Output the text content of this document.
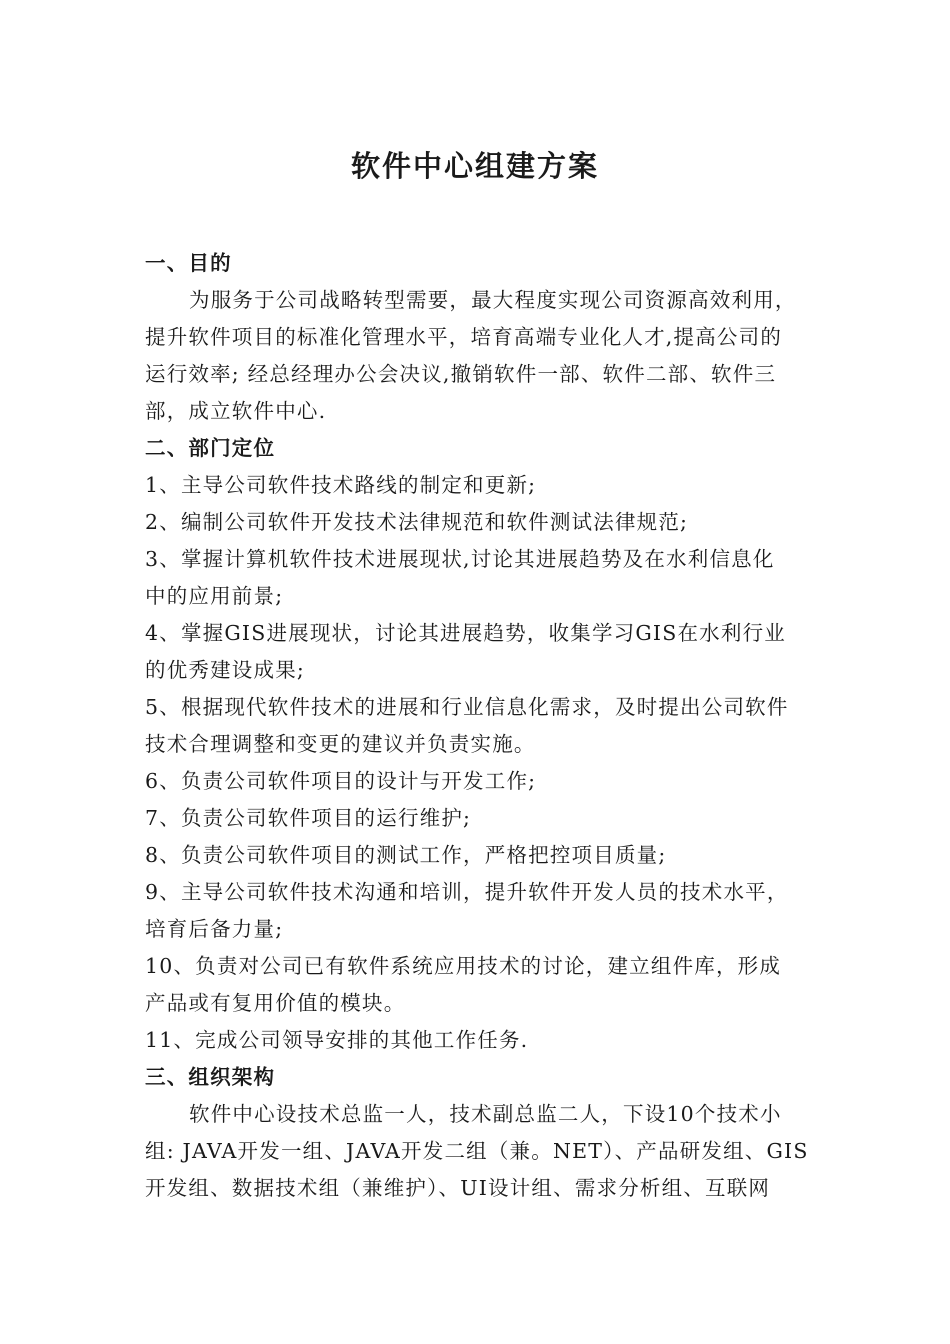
软件中心组建方案
一、目的
为服务于公司战略转型需要，最大程度实现公司资源高效利用，
提升软件项目的标准化管理水平，培育高端专业化人才,提高公司的
运行效率; 经总经理办公会决议,撤销软件一部、软件二部、软件三
部，成立软件中心.
二、部门定位
1、主导公司软件技术路线的制定和更新;
2、编制公司软件开发技术法律规范和软件测试法律规范;
3、掌握计算机软件技术进展现状,讨论其进展趋势及在水利信息化
中的应用前景;
4、掌握GIS进展现状，讨论其进展趋势，收集学习GIS在水利行业
的优秀建设成果;
5、根据现代软件技术的进展和行业信息化需求，及时提出公司软件
技术合理调整和变更的建议并负责实施。
6、负责公司软件项目的设计与开发工作;
7、负责公司软件项目的运行维护;
8、负责公司软件项目的测试工作，严格把控项目质量;
9、主导公司软件技术沟通和培训，提升软件开发人员的技术水平，
培育后备力量;
10、负责对公司已有软件系统应用技术的讨论，建立组件库，形成
产品或有复用价值的模块。
11、完成公司领导安排的其他工作任务.
三、组织架构
软件中心设技术总监一人，技术副总监二人，下设10个技术小
组: JAVA开发一组、JAVA开发二组（兼。NET）、产品研发组、GIS
开发组、数据技术组（兼维护）、UI设计组、需求分析组、互联网
